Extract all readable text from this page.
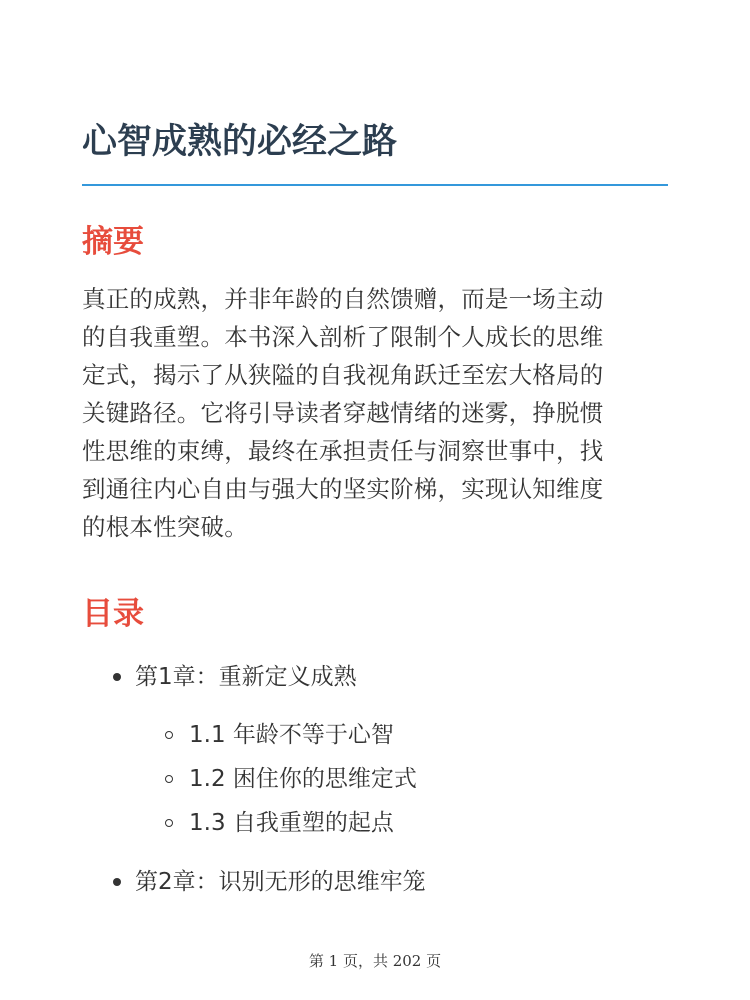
心智成熟的必经之路
摘要

真正的成熟，并非年龄的自然馈赠，而是一场主动
的自我重塑。本书深入剖析了限制个人成长的思维
定式，揭示了从狭隘的自我视角跃迁至宏大格局的
关键路径。它将引导读者穿越情绪的迷雾，挣脱惯
性思维的束缚，最终在承担责任与洞察世事中，找
到通往内心自由与强大的坚实阶梯，实现认知维度
的根本性突破。

目录
第1章：重新定义成熟
1.1 年龄不等于心智
1.2 困住你的思维定式
1.3 自我重塑的起点
第2章：识别无形的思维牢笼
第 1 页，共 202 页
